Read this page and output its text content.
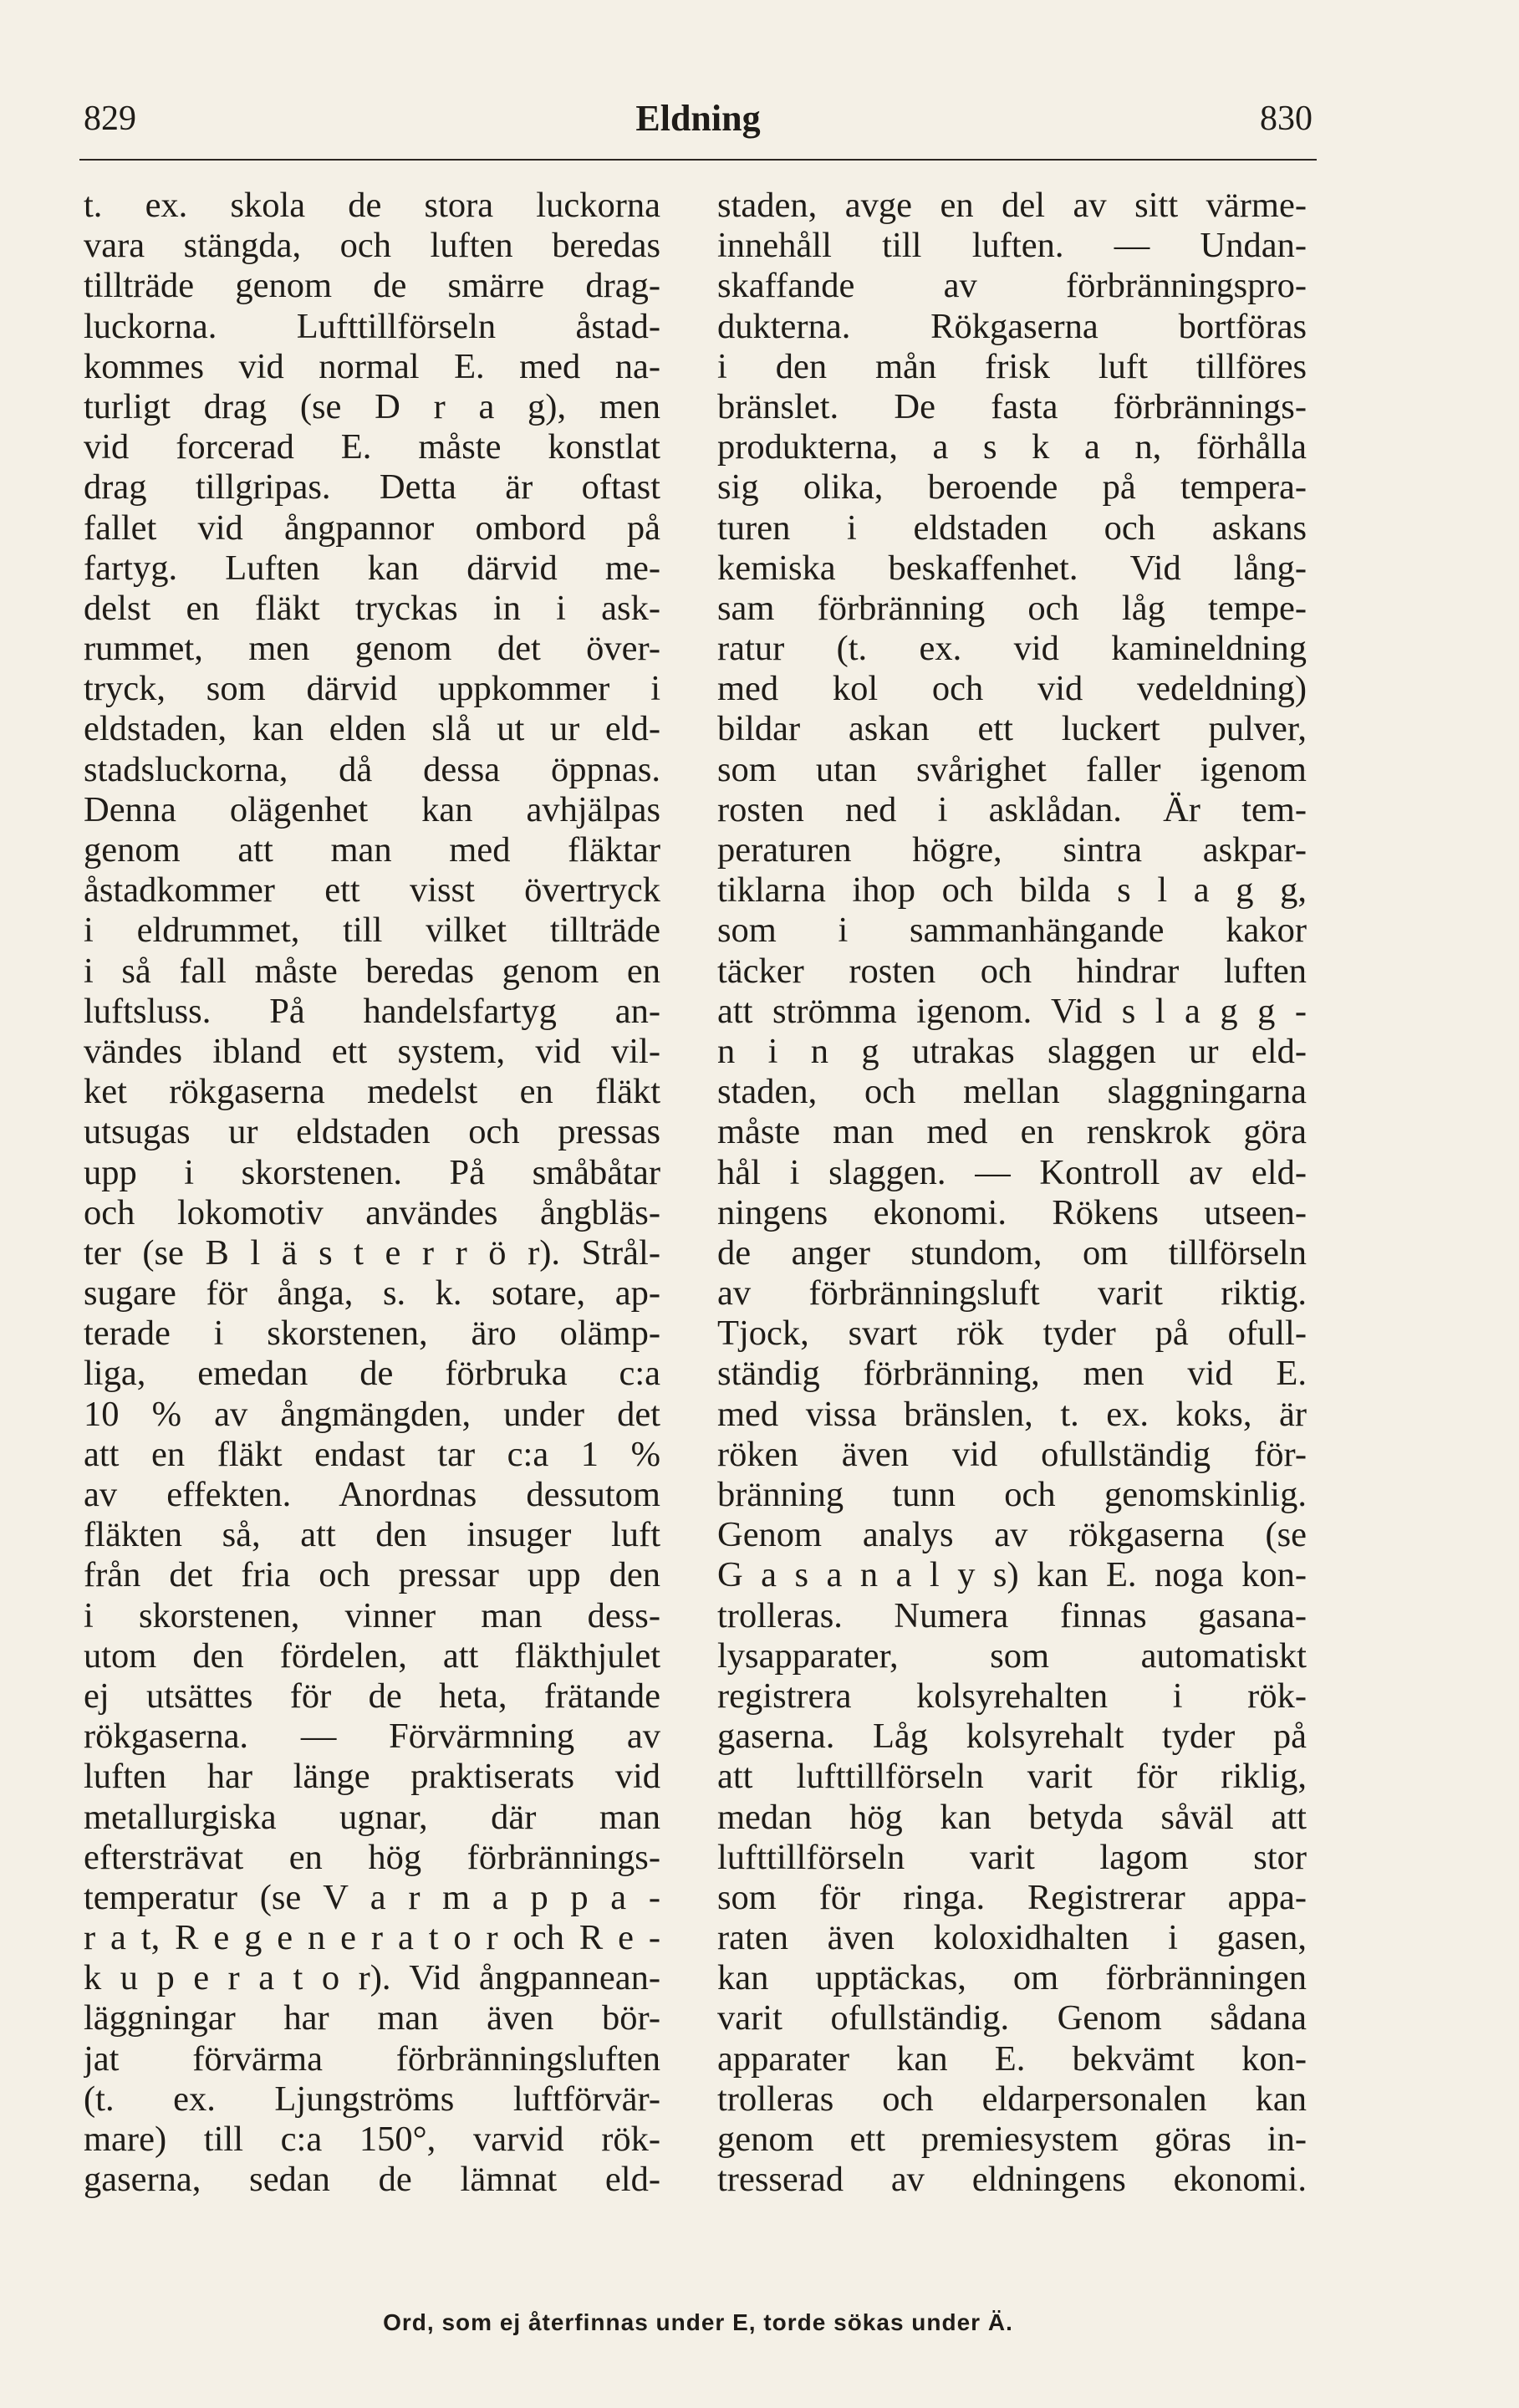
829	Eldning	830
t. ex. skola de stora luckorna
vara stängda, och luften beredas
tillträde genom de smärre drag-
luckorna. Lufttillförseln åstad-
kommes vid normal E. med na-
turligt drag (se D r a g), men
vid forcerad E. måste konstlat
drag tillgripas. Detta är oftast
fallet vid ångpannor ombord på
fartyg. Luften kan därvid me-
delst en fläkt tryckas in i ask-
rummet, men genom det över-
tryck, som därvid uppkommer i
eldstaden, kan elden slå ut ur eld-
stadsluckorna, då dessa öppnas.
Denna olägenhet kan avhjälpas
genom att man med fläktar
åstadkommer ett visst övertryck
i eldrummet, till vilket tillträde
i så fall måste beredas genom en
luftsluss. På handelsfartyg an-
vändes ibland ett system, vid vil-
ket rökgaserna medelst en fläkt
utsugas ur eldstaden och pressas
upp i skorstenen. På småbåtar
och lokomotiv användes ångbläs-
ter (se B l ä s t e r r ö r). Strål-
sugare för ånga, s. k. sotare, ap-
terade i skorstenen, äro olämp-
liga, emedan de förbruka c:a
10 % av ångmängden, under det
att en fläkt endast tar c:a 1 %
av effekten. Anordnas dessutom
fläkten så, att den insuger luft
från det fria och pressar upp den
i skorstenen, vinner man dess-
utom den fördelen, att fläkthjulet
ej utsättes för de heta, frätande
rökgaserna. — Förvärmning av
luften har länge praktiserats vid
metallurgiska ugnar, där man
eftersträvat en hög förbrännings-
temperatur (se V a r m a p p a -
r a t, R e g e n e r a t o r och R e -
k u p e r a t o r). Vid ångpannean-
läggningar har man även bör-
jat förvärma förbränningsluften
(t. ex. Ljungströms luftförvär-
mare) till c:a 150°, varvid rök-
gaserna, sedan de lämnat eld-
staden, avge en del av sitt värme-
innehåll till luften. — Undan-
skaffande av förbränningspro-
dukterna. Rökgaserna bortföras
i den mån frisk luft tillföres
bränslet. De fasta förbrännings-
produkterna, a s k a n, förhålla
sig olika, beroende på tempera-
turen i eldstaden och askans
kemiska beskaffenhet. Vid lång-
sam förbränning och låg tempe-
ratur (t. ex. vid kamineldning
med kol och vid vedeldning)
bildar askan ett luckert pulver,
som utan svårighet faller igenom
rosten ned i asklådan. Är tem-
peraturen högre, sintra askpar-
tiklarna ihop och bilda s l a g g,
som i sammanhängande kakor
täcker rosten och hindrar luften
att strömma igenom. Vid s l a g g -
n i n g utrakas slaggen ur eld-
staden, och mellan slaggningarna
måste man med en renskrok göra
hål i slaggen. — Kontroll av eld-
ningens ekonomi. Rökens utseen-
de anger stundom, om tillförseln
av förbränningsluft varit riktig.
Tjock, svart rök tyder på ofull-
ständig förbränning, men vid E.
med vissa bränslen, t. ex. koks, är
röken även vid ofullständig för-
bränning tunn och genomskinlig.
Genom analys av rökgaserna (se
G a s a n a l y s) kan E. noga kon-
trolleras. Numera finnas gasana-
lysapparater, som automatiskt
registrera kolsyrehalten i rök-
gaserna. Låg kolsyrehalt tyder på
att lufttillförseln varit för riklig,
medan hög kan betyda såväl att
lufttillförseln varit lagom stor
som för ringa. Registrerar appa-
raten även koloxidhalten i gasen,
kan upptäckas, om förbränningen
varit ofullständig. Genom sådana
apparater kan E. bekvämt kon-
trolleras och eldarpersonalen kan
genom ett premiesystem göras in-
tresserad av eldningens ekonomi.
Ord, som ej återfinnas under E, torde sökas under Ä.
